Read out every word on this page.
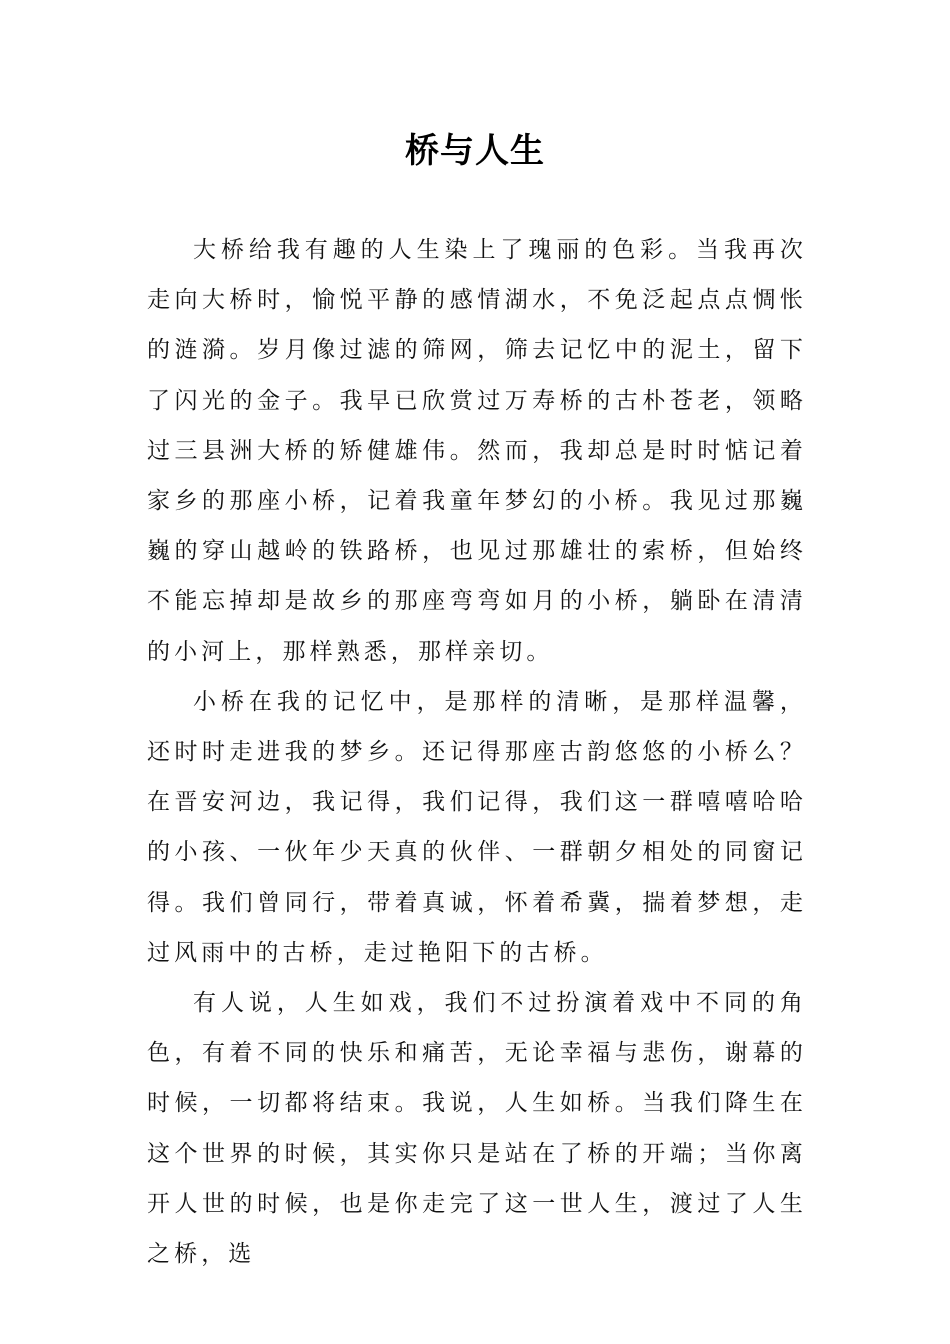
桥与人生

大桥给我有趣的人生染上了瑰丽的色彩。当我再次走向大桥时，愉悦平静的感情湖水，不免泛起点点惆怅的涟漪。岁月像过滤的筛网，筛去记忆中的泥土，留下了闪光的金子。我早已欣赏过万寿桥的古朴苍老，领略过三县洲大桥的矫健雄伟。然而，我却总是时时惦记着家乡的那座小桥，记着我童年梦幻的小桥。我见过那巍巍的穿山越岭的铁路桥，也见过那雄壮的索桥，但始终不能忘掉却是故乡的那座弯弯如月的小桥，躺卧在清清的小河上，那样熟悉，那样亲切。

小桥在我的记忆中，是那样的清晰，是那样温馨，还时时走进我的梦乡。还记得那座古韵悠悠的小桥么？在晋安河边，我记得，我们记得，我们这一群嘻嘻哈哈的小孩、一伙年少天真的伙伴、一群朝夕相处的同窗记得。我们曾同行，带着真诚，怀着希冀，揣着梦想，走过风雨中的古桥，走过艳阳下的古桥。

有人说，人生如戏，我们不过扮演着戏中不同的角色，有着不同的快乐和痛苦，无论幸福与悲伤，谢幕的时候，一切都将结束。我说，人生如桥。当我们降生在这个世界的时候，其实你只是站在了桥的开端；当你离开人世的时候，也是你走完了这一世人生，渡过了人生之桥，选
